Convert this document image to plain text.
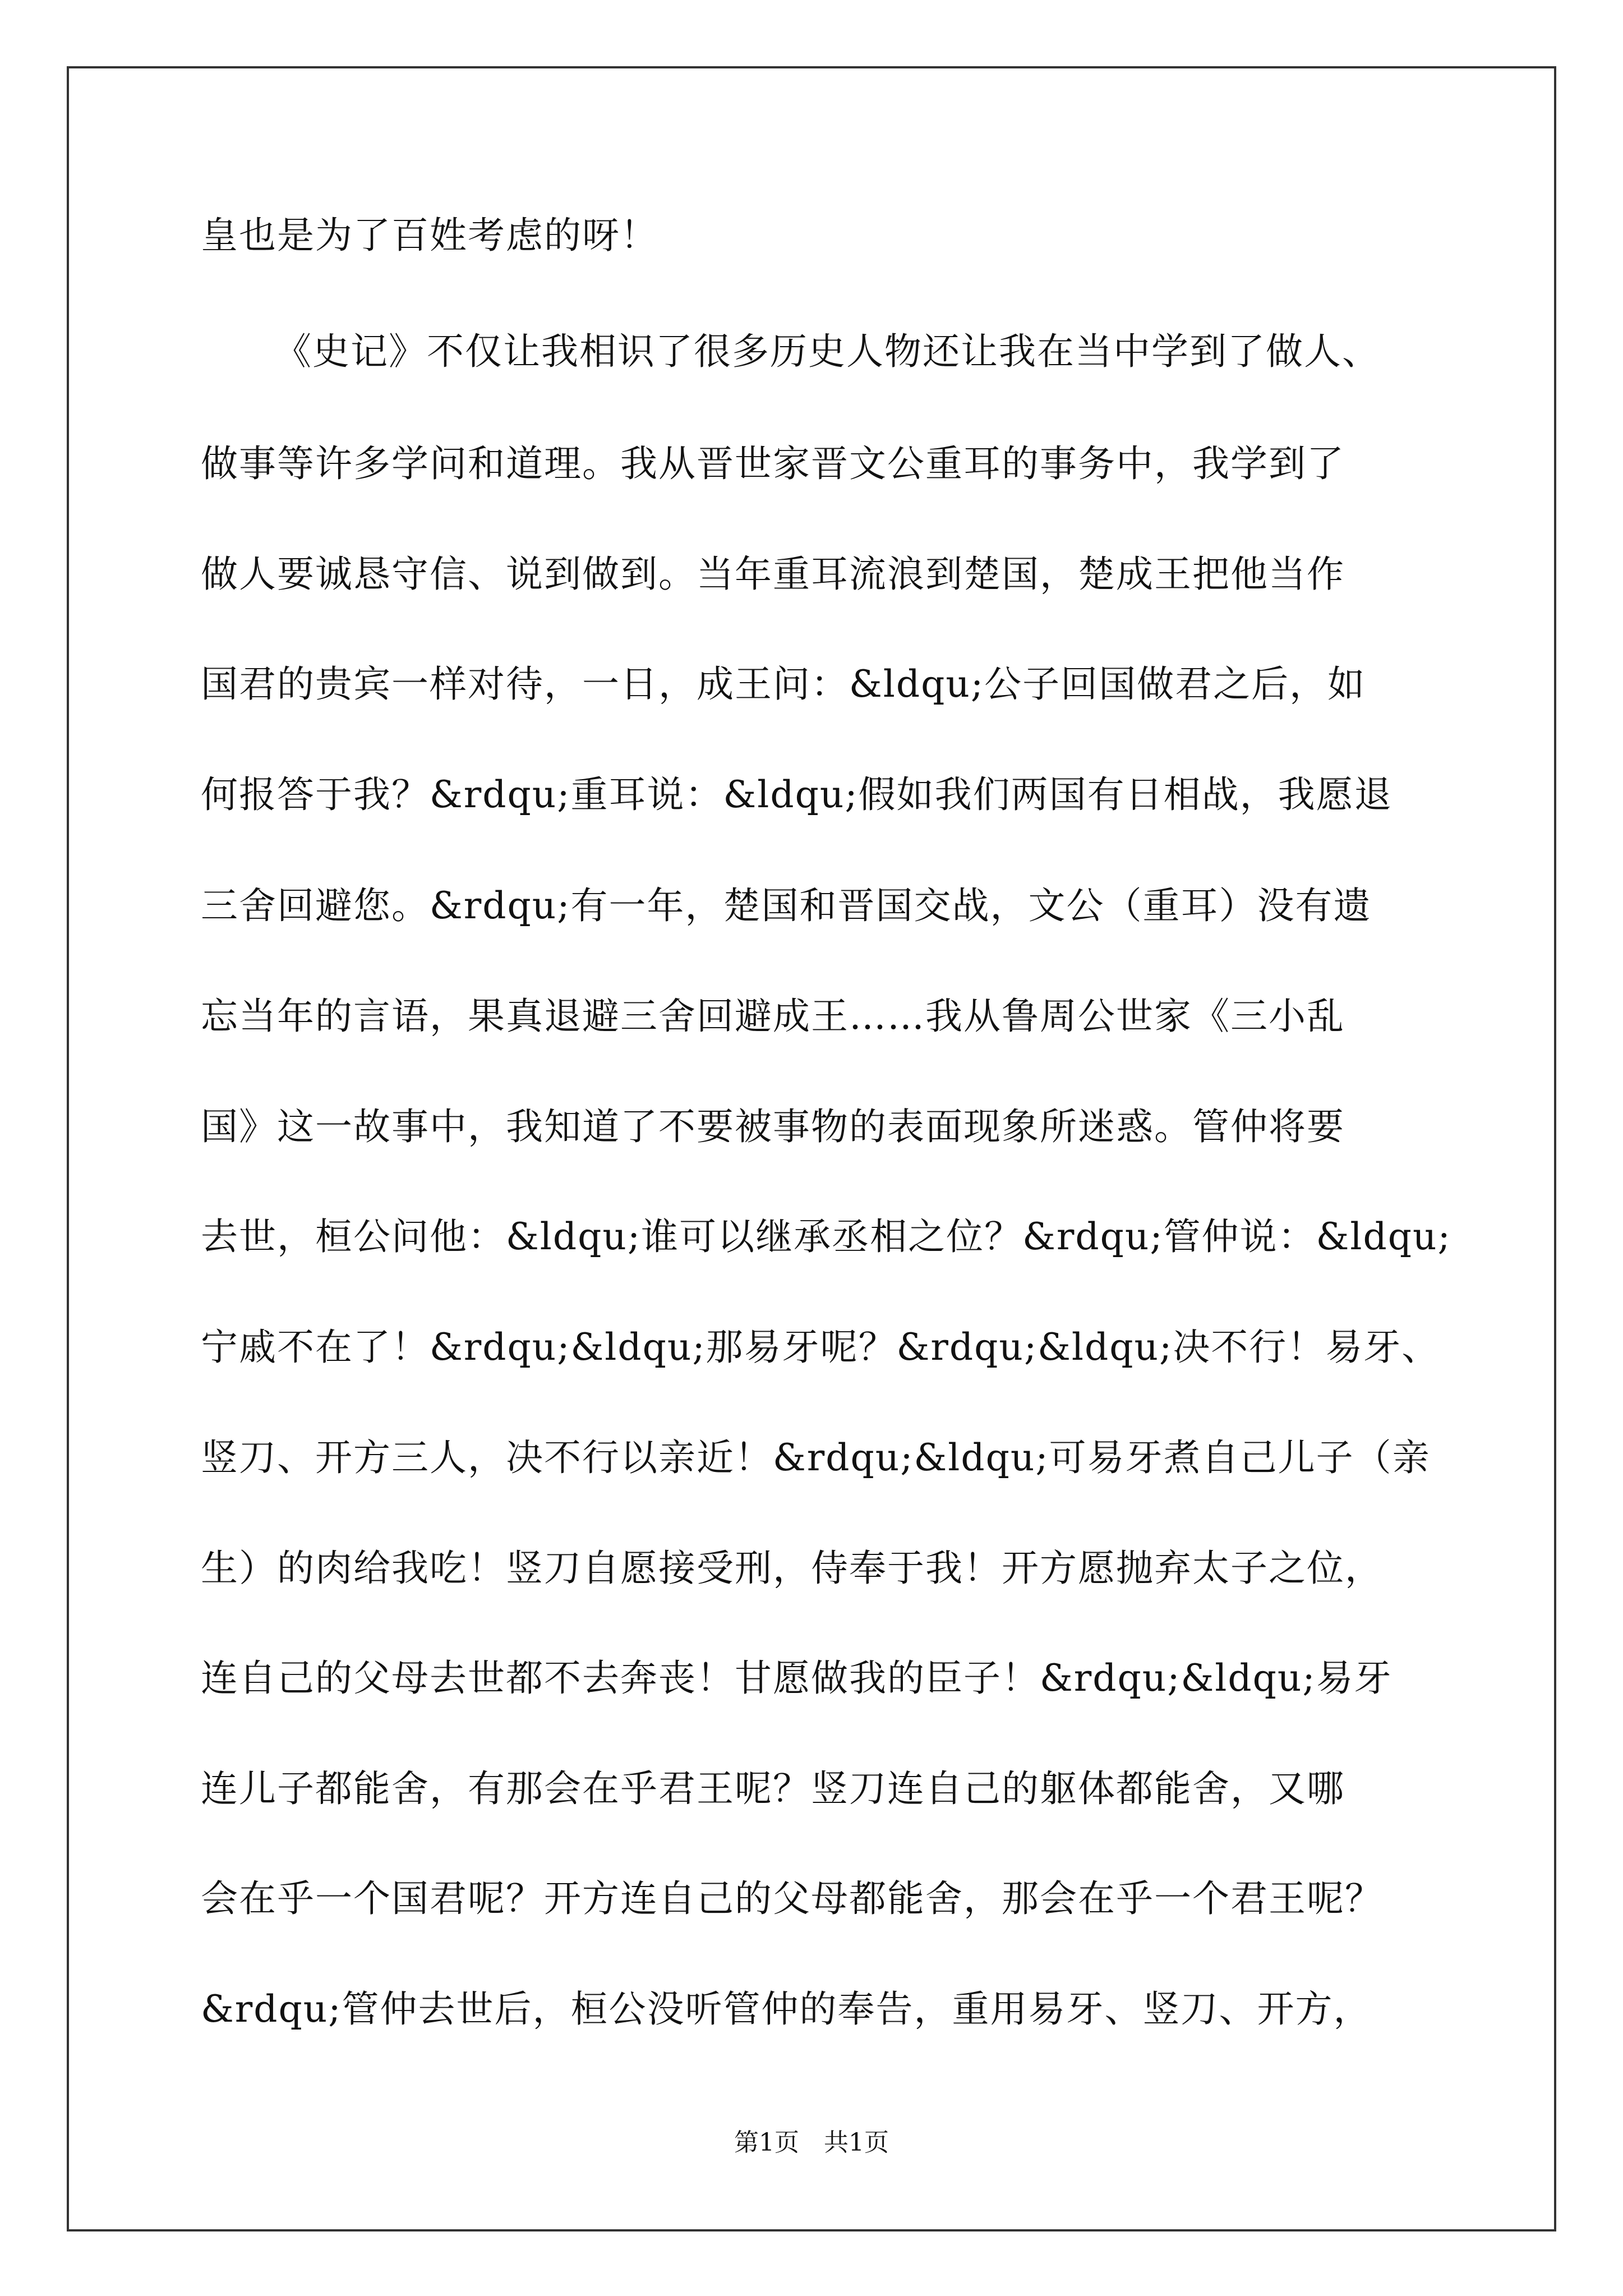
皇也是为了百姓考虑的呀！
《史记》不仅让我相识了很多历史人物还让我在当中学到了做人、
做事等许多学问和道理。我从晋世家晋文公重耳的事务中，我学到了
做人要诚恳守信、说到做到。当年重耳流浪到楚国，楚成王把他当作
国君的贵宾一样对待，一日，成王问：&ldqu;公子回国做君之后，如
何报答于我？&rdqu;重耳说：&ldqu;假如我们两国有日相战，我愿退
三舍回避您。&rdqu;有一年，楚国和晋国交战，文公（重耳）没有遗
忘当年的言语，果真退避三舍回避成王……我从鲁周公世家《三小乱
国》这一故事中，我知道了不要被事物的表面现象所迷惑。管仲将要
去世，桓公问他：&ldqu;谁可以继承丞相之位？&rdqu;管仲说：&ldqu;
宁戚不在了！&rdqu;&ldqu;那易牙呢？&rdqu;&ldqu;决不行！易牙、
竖刀、开方三人，决不行以亲近！&rdqu;&ldqu;可易牙煮自己儿子（亲
生）的肉给我吃！竖刀自愿接受刑，侍奉于我！开方愿抛弃太子之位，
连自己的父母去世都不去奔丧！甘愿做我的臣子！&rdqu;&ldqu;易牙
连儿子都能舍，有那会在乎君王呢？竖刀连自己的躯体都能舍，又哪
会在乎一个国君呢？开方连自己的父母都能舍，那会在乎一个君王呢？
&rdqu;管仲去世后，桓公没听管仲的奉告，重用易牙、竖刀、开方，
第1页　共1页
